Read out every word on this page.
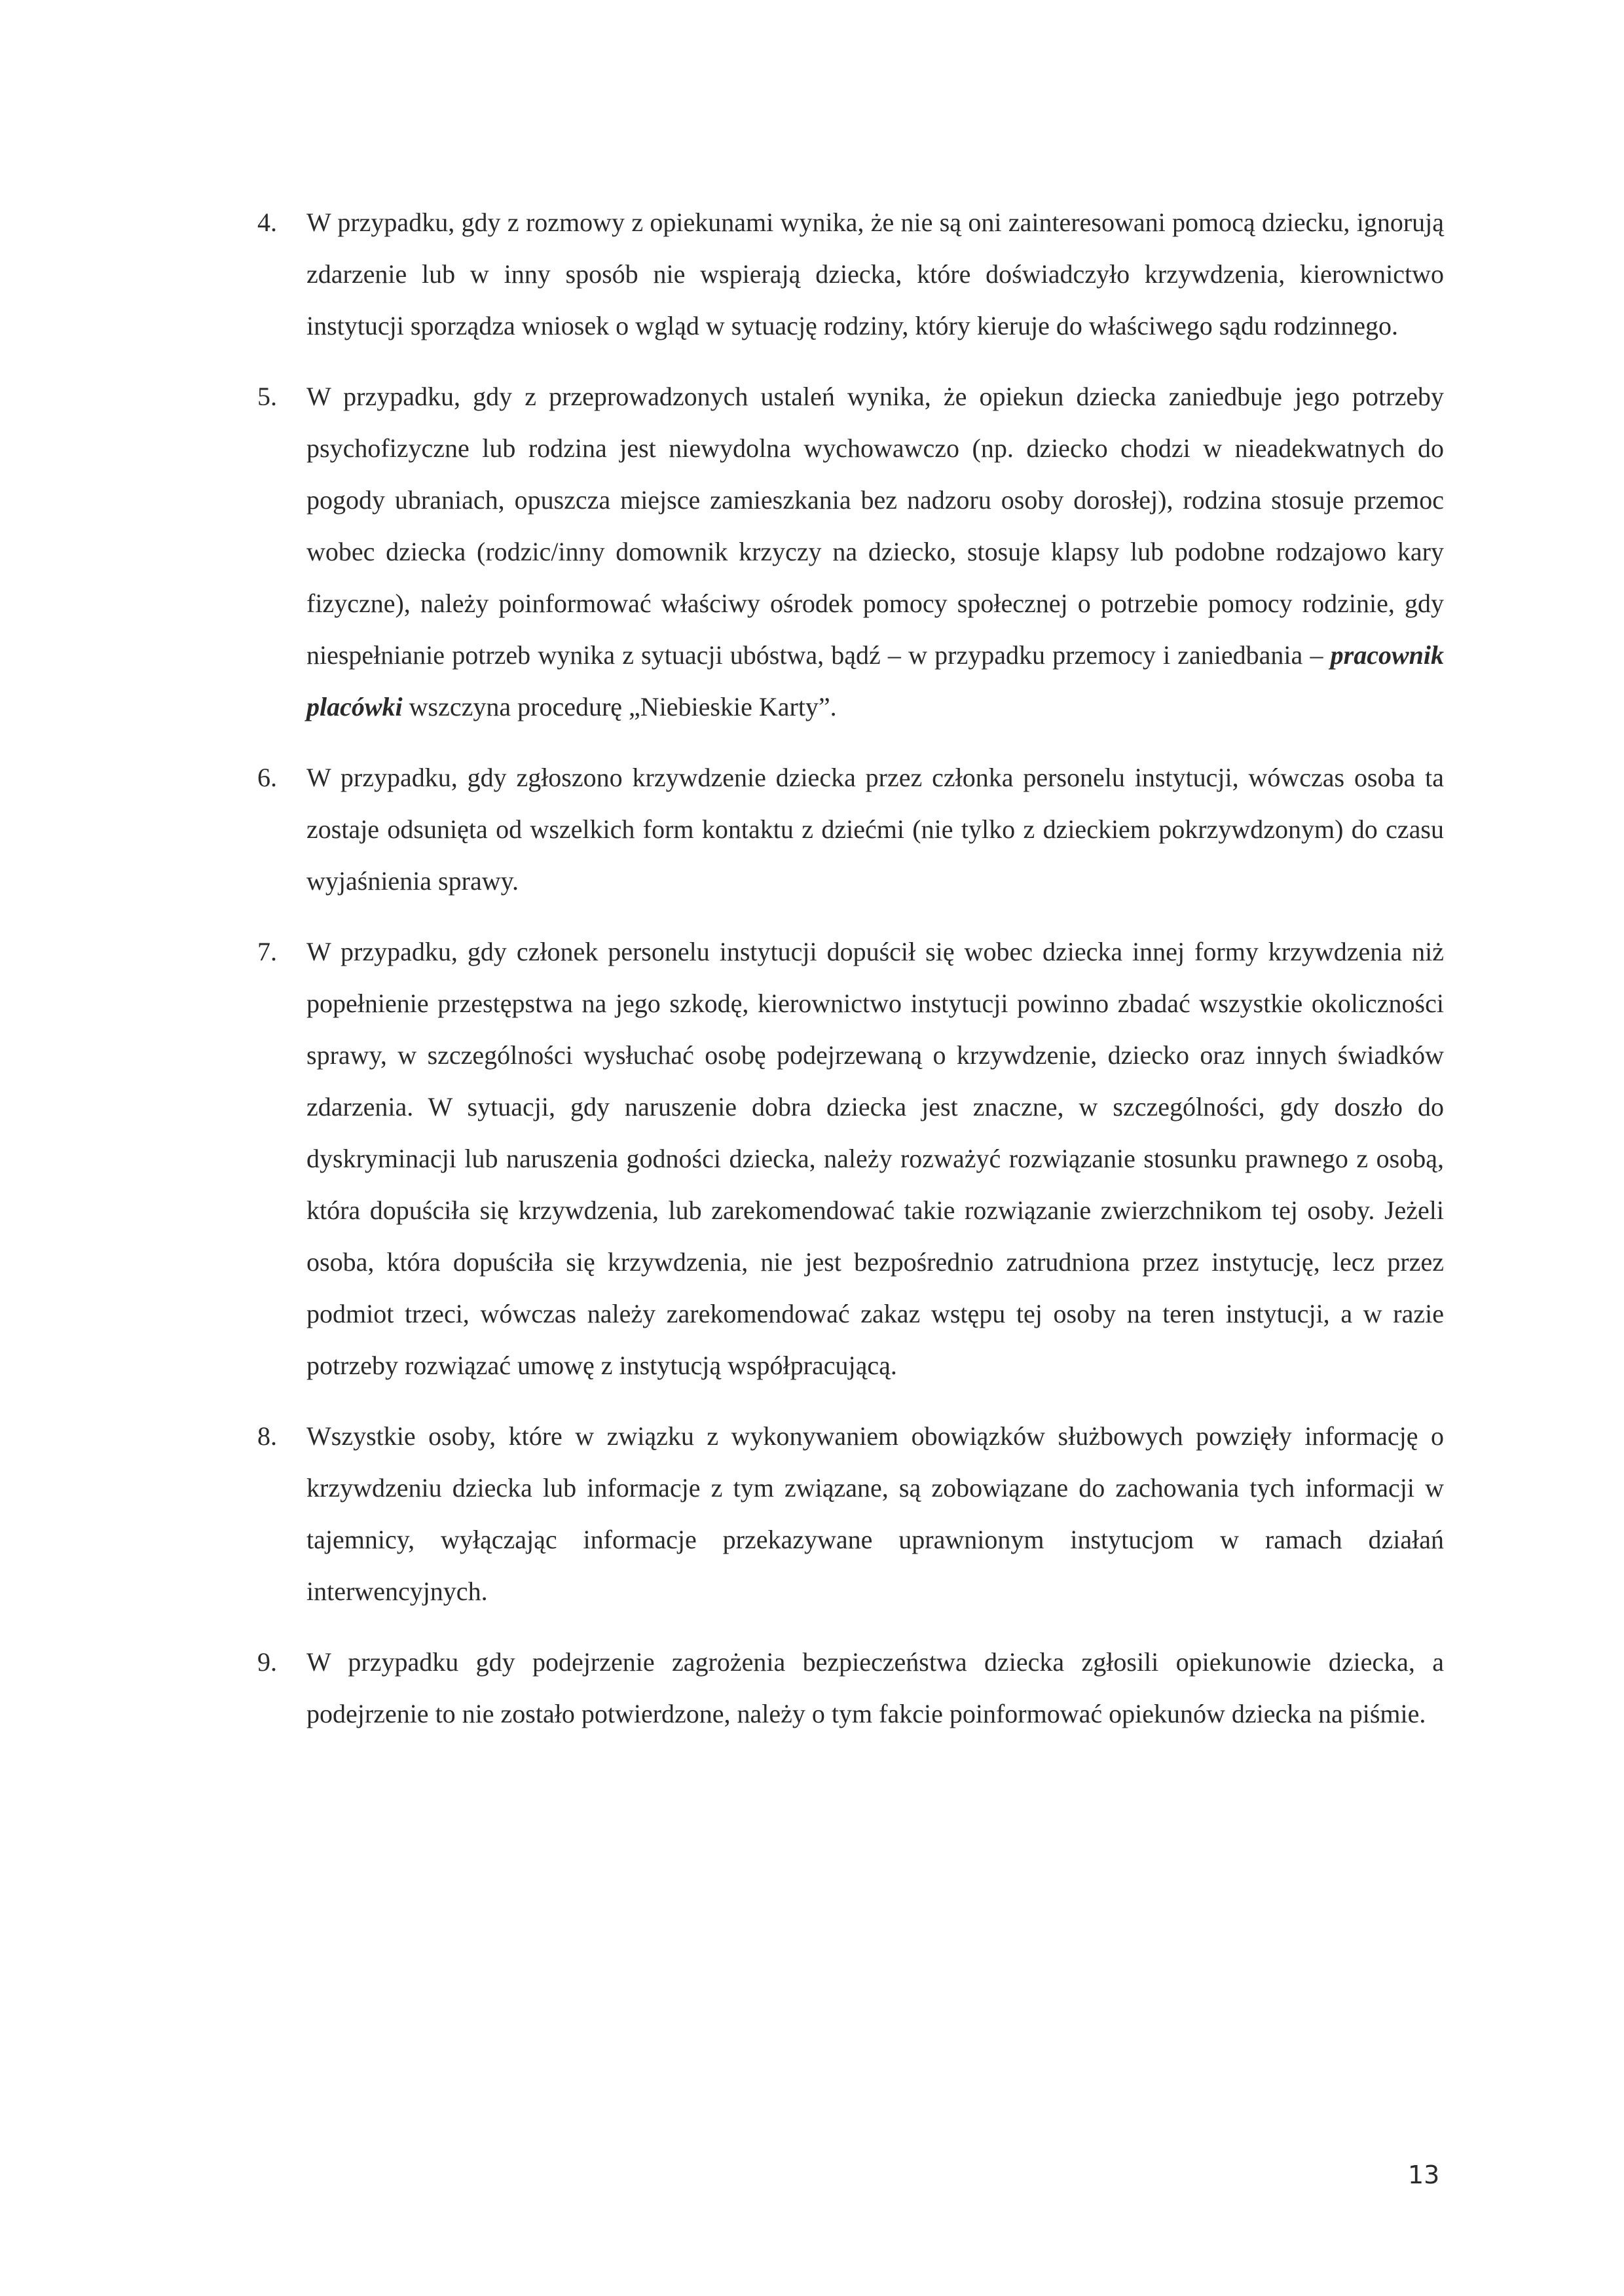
4.	W przypadku, gdy z rozmowy z opiekunami wynika, że nie są oni zainteresowani pomocą dziecku, ignorują zdarzenie lub w inny sposób nie wspierają dziecka, które doświadczyło krzywdzenia, kierownictwo instytucji sporządza wniosek o wgląd w sytuację rodziny, który kieruje do właściwego sądu rodzinnego.
5.	W przypadku, gdy z przeprowadzonych ustaleń wynika, że opiekun dziecka zaniedbuje jego potrzeby psychofizyczne lub rodzina jest niewydolna wychowawczo (np. dziecko chodzi w nieadekwatnych do pogody ubraniach, opuszcza miejsce zamieszkania bez nadzoru osoby dorosłej), rodzina stosuje przemoc wobec dziecka (rodzic/inny domownik krzyczy na dziecko, stosuje klapsy lub podobne rodzajowo kary fizyczne), należy poinformować właściwy ośrodek pomocy społecznej o potrzebie pomocy rodzinie, gdy niespełnianie potrzeb wynika z sytuacji ubóstwa, bądź – w przypadku przemocy i zaniedbania – pracownik placówki wszczyna procedurę „Niebieskie Karty”.
6.	W przypadku, gdy zgłoszono krzywdzenie dziecka przez członka personelu instytucji, wówczas osoba ta zostaje odsunięta od wszelkich form kontaktu z dziećmi (nie tylko z dzieckiem pokrzywdzonym) do czasu wyjaśnienia sprawy.
7.	W przypadku, gdy członek personelu instytucji dopuścił się wobec dziecka innej formy krzywdzenia niż popełnienie przestępstwa na jego szkodę, kierownictwo instytucji powinno zbadać wszystkie okoliczności sprawy, w szczególności wysłuchać osobę podejrzewaną o krzywdzenie, dziecko oraz innych świadków zdarzenia. W sytuacji, gdy naruszenie dobra dziecka jest znaczne, w szczególności, gdy doszło do dyskryminacji lub naruszenia godności dziecka, należy rozważyć rozwiązanie stosunku prawnego z osobą, która dopuściła się krzywdzenia, lub zarekomendować takie rozwiązanie zwierzchnikom tej osoby. Jeżeli osoba, która dopuściła się krzywdzenia, nie jest bezpośrednio zatrudniona przez instytucję, lecz przez podmiot trzeci, wówczas należy zarekomendować zakaz wstępu tej osoby na teren instytucji, a w razie potrzeby rozwiązać umowę z instytucją współpracującą.
8.	Wszystkie osoby, które w związku z wykonywaniem obowiązków służbowych powzięły informację o krzywdzeniu dziecka lub informacje z tym związane, są zobowiązane do zachowania tych informacji w tajemnicy, wyłączając informacje przekazywane uprawnionym instytucjom w ramach działań interwencyjnych.
9.	W przypadku gdy podejrzenie zagrożenia bezpieczeństwa dziecka zgłosili opiekunowie dziecka, a podejrzenie to nie zostało potwierdzone, należy o tym fakcie poinformować opiekunów dziecka na piśmie.
13
